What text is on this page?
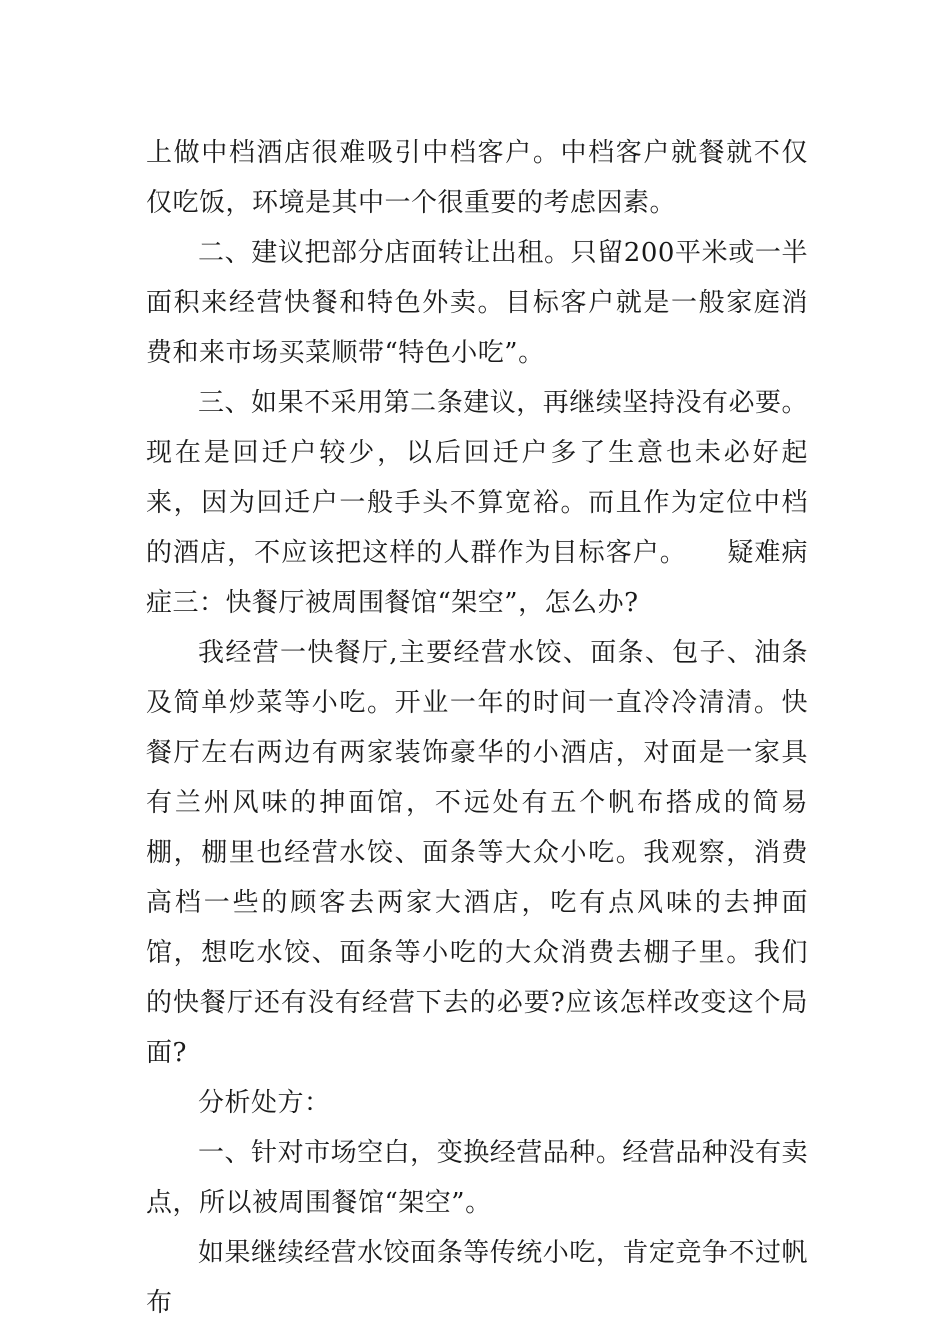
上做中档酒店很难吸引中档客户。中档客户就餐就不仅仅吃饭，环境是其中一个很重要的考虑因素。

二、建议把部分店面转让出租。只留200平米或一半面积来经营快餐和特色外卖。目标客户就是一般家庭消费和来市场买菜顺带“特色小吃”。

三、如果不采用第二条建议，再继续坚持没有必要。现在是回迁户较少，以后回迁户多了生意也未必好起来，因为回迁户一般手头不算宽裕。而且作为定位中档的酒店，不应该把这样的人群作为目标客户。 疑难病症三：快餐厅被周围餐馆“架空”，怎么办?

我经营一快餐厅,主要经营水饺、面条、包子、油条及简单炒菜等小吃。开业一年的时间一直冷冷清清。快餐厅左右两边有两家装饰豪华的小酒店，对面是一家具有兰州风味的抻面馆，不远处有五个帆布搭成的简易棚，棚里也经营水饺、面条等大众小吃。我观察，消费高档一些的顾客去两家大酒店，吃有点风味的去抻面馆，想吃水饺、面条等小吃的大众消费去棚子里。我们的快餐厅还有没有经营下去的必要?应该怎样改变这个局面?

分析处方：

一、针对市场空白，变换经营品种。经营品种没有卖点，所以被周围餐馆“架空”。

如果继续经营水饺面条等传统小吃，肯定竞争不过帆布
